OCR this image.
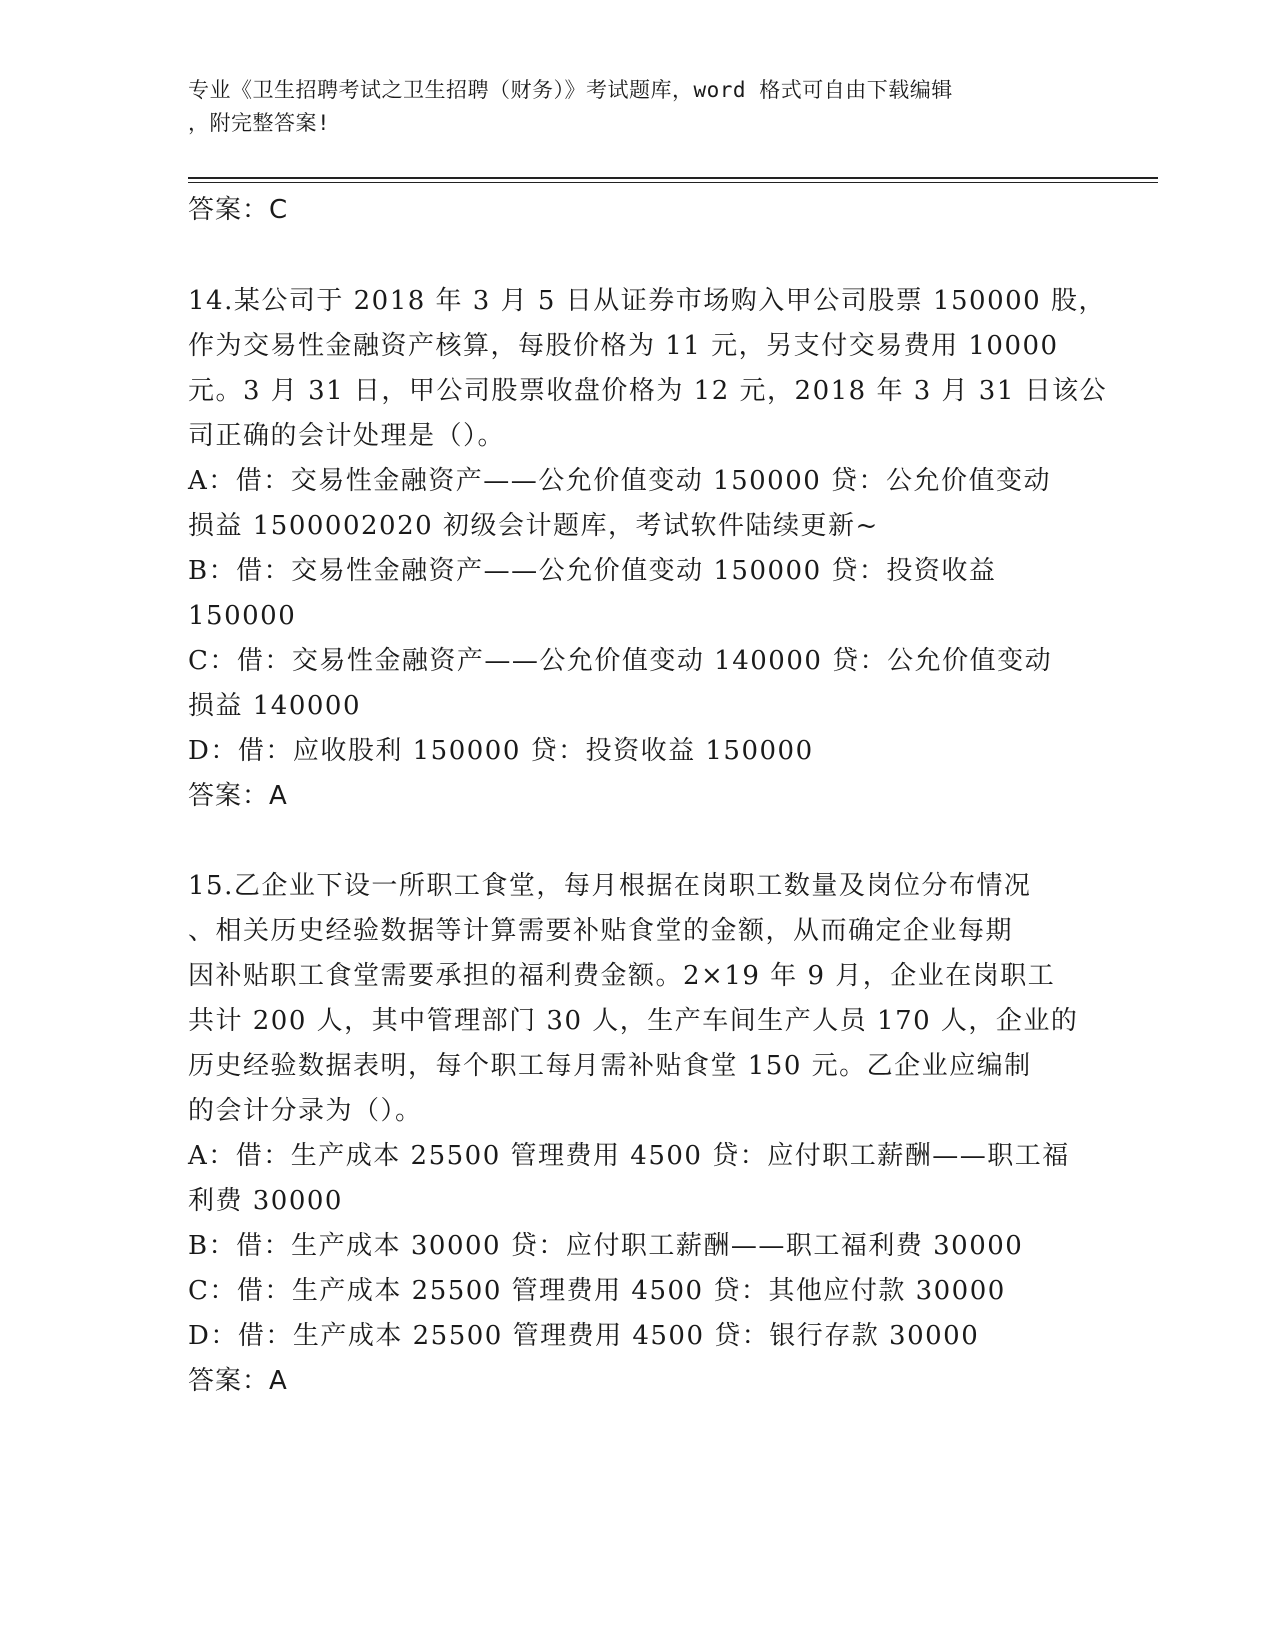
专业《卫生招聘考试之卫生招聘（财务）》考试题库，word 格式可自由下载编辑
，附完整答案!
答案：C
14.某公司于 2018 年 3 月 5 日从证券市场购入甲公司股票 150000 股，
作为交易性金融资产核算，每股价格为 11 元，另支付交易费用 10000
元。3 月 31 日，甲公司股票收盘价格为 12 元，2018 年 3 月 31 日该公
司正确的会计处理是（）。
A：借：交易性金融资产——公允价值变动 150000 贷：公允价值变动
损益 1500002020 初级会计题库，考试软件陆续更新~
B：借：交易性金融资产——公允价值变动 150000 贷：投资收益
150000
C：借：交易性金融资产——公允价值变动 140000 贷：公允价值变动
损益 140000
D：借：应收股利 150000 贷：投资收益 150000
答案：A
15.乙企业下设一所职工食堂，每月根据在岗职工数量及岗位分布情况
、相关历史经验数据等计算需要补贴食堂的金额，从而确定企业每期
因补贴职工食堂需要承担的福利费金额。2×19 年 9 月，企业在岗职工
共计 200 人，其中管理部门 30 人，生产车间生产人员 170 人，企业的
历史经验数据表明，每个职工每月需补贴食堂 150 元。乙企业应编制
的会计分录为（）。
A：借：生产成本 25500 管理费用 4500 贷：应付职工薪酬——职工福
利费 30000
B：借：生产成本 30000 贷：应付职工薪酬——职工福利费 30000
C：借：生产成本 25500 管理费用 4500 贷：其他应付款 30000
D：借：生产成本 25500 管理费用 4500 贷：银行存款 30000
答案：A
